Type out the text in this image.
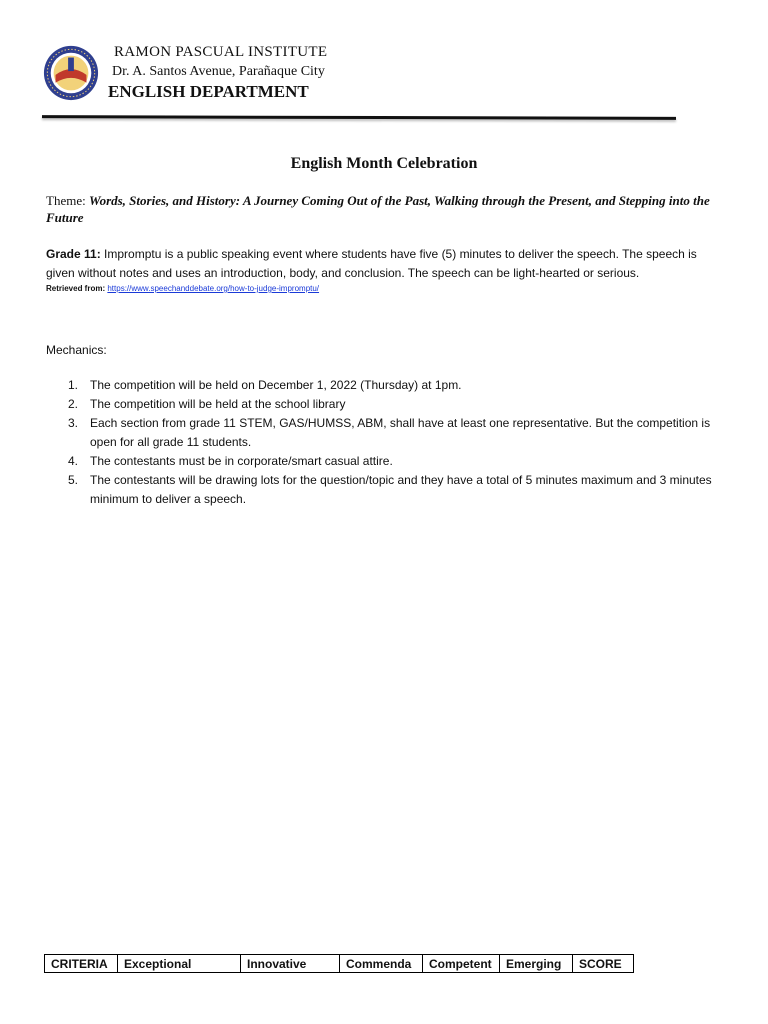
RAMON PASCUAL INSTITUTE
Dr. A. Santos Avenue, Parañaque City
ENGLISH DEPARTMENT
English Month Celebration
Theme: Words, Stories, and History: A Journey Coming Out of the Past, Walking through the Present, and Stepping into the Future
Grade 11: Impromptu is a public speaking event where students have five (5) minutes to deliver the speech. The speech is given without notes and uses an introduction, body, and conclusion. The speech can be light-hearted or serious.
Retrieved from: https://www.speechanddebate.org/how-to-judge-impromptu/
Mechanics:
1. The competition will be held on December 1, 2022 (Thursday) at 1pm.
2. The competition will be held at the school library
3. Each section from grade 11 STEM, GAS/HUMSS, ABM, shall have at least one representative. But the competition is open for all grade 11 students.
4. The contestants must be in corporate/smart casual attire.
5. The contestants will be drawing lots for the question/topic and they have a total of 5 minutes maximum and 3 minutes minimum to deliver a speech.
CRITERIA	Exceptional	Innovative	Commenda	Competent	Emerging	SCORE
